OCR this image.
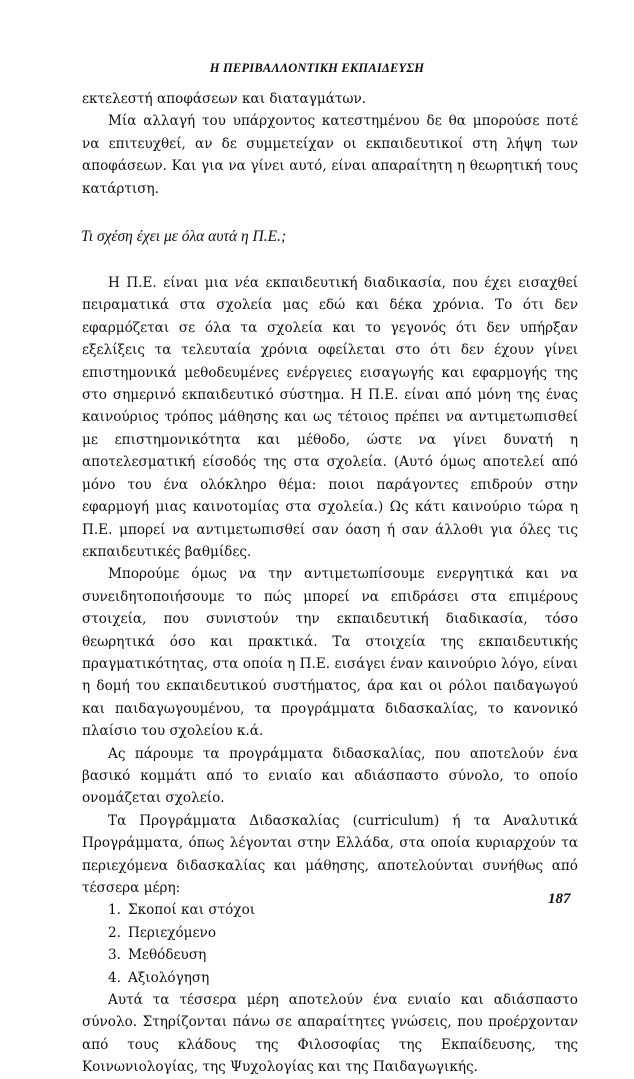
Η ΠΕΡΙΒΑΛΛΟΝΤΙΚΗ ΕΚΠΑΙΔΕΥΣΗ

εκτελεστή αποφάσεων και διαταγμάτων.

Μία αλλαγή του υπάρχοντος κατεστημένου δε θα μπορούσε ποτέ να επιτευχθεί, αν δε συμμετείχαν οι εκπαιδευτικοί στη λήψη των αποφάσεων. Και για να γίνει αυτό, είναι απαραίτητη η θεωρητική τους κατάρτιση.

Τι σχέση έχει με όλα αυτά η Π.Ε.;

Η Π.Ε. είναι μια νέα εκπαιδευτική διαδικασία, που έχει εισαχθεί πειραματικά στα σχολεία μας εδώ και δέκα χρόνια. Το ότι δεν εφαρμόζεται σε όλα τα σχολεία και το γεγονός ότι δεν υπήρξαν εξελίξεις τα τελευταία χρόνια οφείλεται στο ότι δεν έχουν γίνει επιστημονικά μεθοδευμένες ενέργειες εισαγωγής και εφαρμογής της στο σημερινό εκπαιδευτικό σύστημα. Η Π.Ε. είναι από μόνη της ένας καινούριος τρόπος μάθησης και ως τέτοιος πρέπει να αντιμετωπισθεί με επιστημονικότητα και μέθοδο, ώστε να γίνει δυνατή η αποτελεσματική είσοδός της στα σχολεία. (Αυτό όμως αποτελεί από μόνο του ένα ολόκληρο θέμα: ποιοι παράγοντες επιδρούν στην εφαρμογή μιας καινοτομίας στα σχολεία.) Ως κάτι καινούριο τώρα η Π.Ε. μπορεί να αντιμετωπισθεί σαν όαση ή σαν άλλοθι για όλες τις εκπαιδευτικές βαθμίδες.

Μπορούμε όμως να την αντιμετωπίσουμε ενεργητικά και να συνειδητοποιήσουμε το πώς μπορεί να επιδράσει στα επιμέρους στοιχεία, που συνιστούν την εκπαιδευτική διαδικασία, τόσο θεωρητικά όσο και πρακτικά. Τα στοιχεία της εκπαιδευτικής πραγματικότητας, στα οποία η Π.Ε. εισάγει έναν καινούριο λόγο, είναι η δομή του εκπαιδευτικού συστήματος, άρα και οι ρόλοι παιδαγωγού και παιδαγωγουμένου, τα προγράμματα διδασκαλίας, το κανονικό πλαίσιο του σχολείου κ.ά.

Ας πάρουμε τα προγράμματα διδασκαλίας, που αποτελούν ένα βασικό κομμάτι από το ενιαίο και αδιάσπαστο σύνολο, το οποίο ονομάζεται σχολείο.

Τα Προγράμματα Διδασκαλίας (curriculum) ή τα Αναλυτικά Προγράμματα, όπως λέγονται στην Ελλάδα, στα οποία κυριαρχούν τα περιεχόμενα διδασκαλίας και μάθησης, αποτελούνται συνήθως από τέσσερα μέρη:

1. Σκοποί και στόχοι
2. Περιεχόμενο
3. Μεθόδευση
4. Αξιολόγηση

Αυτά τα τέσσερα μέρη αποτελούν ένα ενιαίο και αδιάσπαστο σύνολο. Στηρίζονται πάνω σε απαραίτητες γνώσεις, που προέρχονταν από τους κλάδους της Φιλοσοφίας της Εκπαίδευσης, της Κοινωνιολογίας, της Ψυχολογίας και της Παιδαγωγικής.

187
